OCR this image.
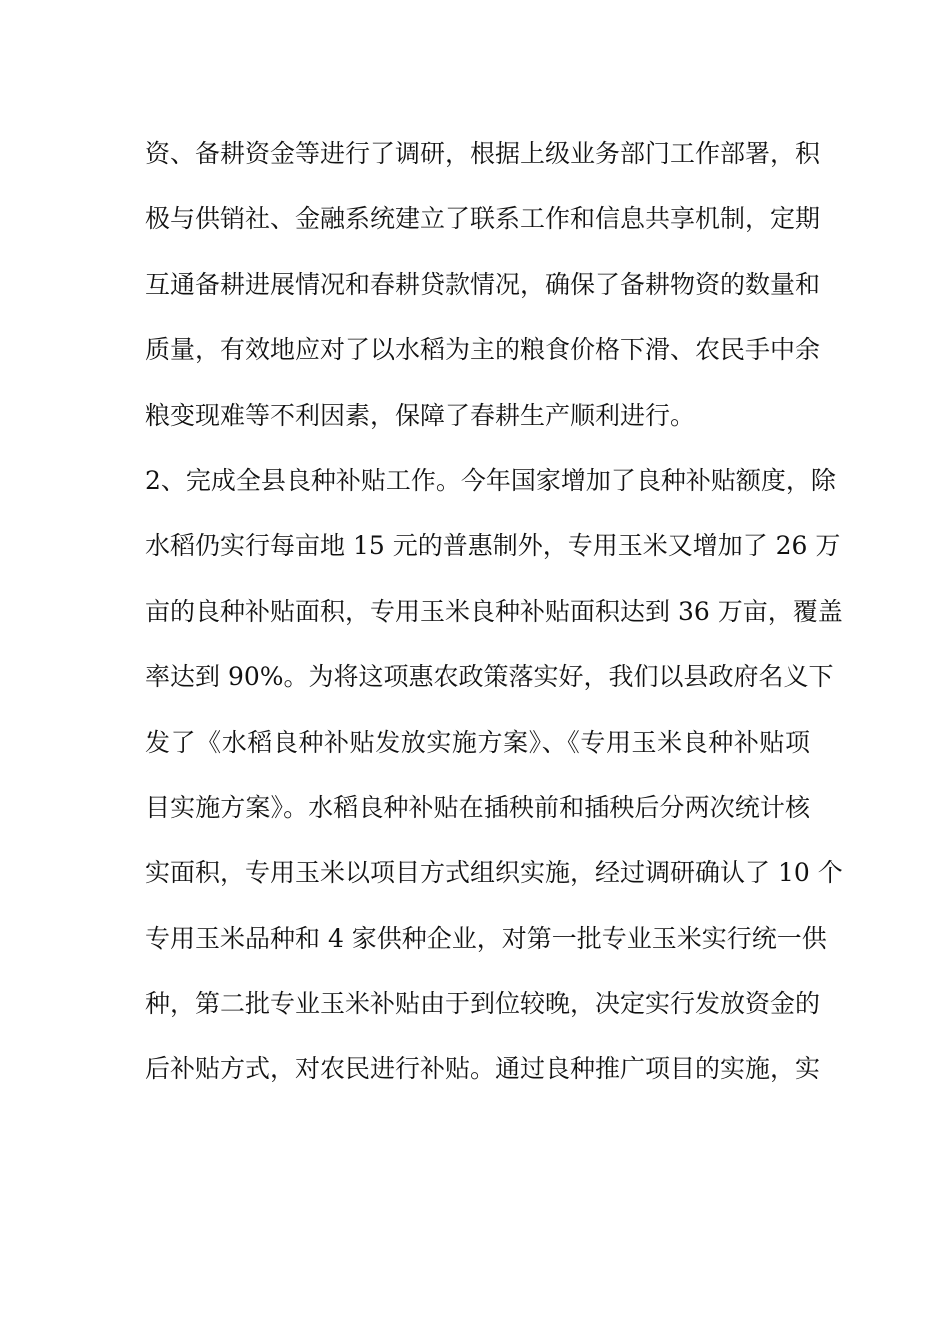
资、备耕资金等进行了调研，根据上级业务部门工作部署，积

极与供销社、金融系统建立了联系工作和信息共享机制，定期

互通备耕进展情况和春耕贷款情况，确保了备耕物资的数量和

质量，有效地应对了以水稻为主的粮食价格下滑、农民手中余

粮变现难等不利因素，保障了春耕生产顺利进行。

2、完成全县良种补贴工作。今年国家增加了良种补贴额度，除

水稻仍实行每亩地 15 元的普惠制外，专用玉米又增加了 26 万

亩的良种补贴面积，专用玉米良种补贴面积达到 36 万亩，覆盖

率达到 90%。为将这项惠农政策落实好，我们以县政府名义下

发了《水稻良种补贴发放实施方案》、《专用玉米良种补贴项

目实施方案》。水稻良种补贴在插秧前和插秧后分两次统计核

实面积，专用玉米以项目方式组织实施，经过调研确认了 10 个

专用玉米品种和 4 家供种企业，对第一批专业玉米实行统一供

种，第二批专业玉米补贴由于到位较晚，决定实行发放资金的

后补贴方式，对农民进行补贴。通过良种推广项目的实施，实
